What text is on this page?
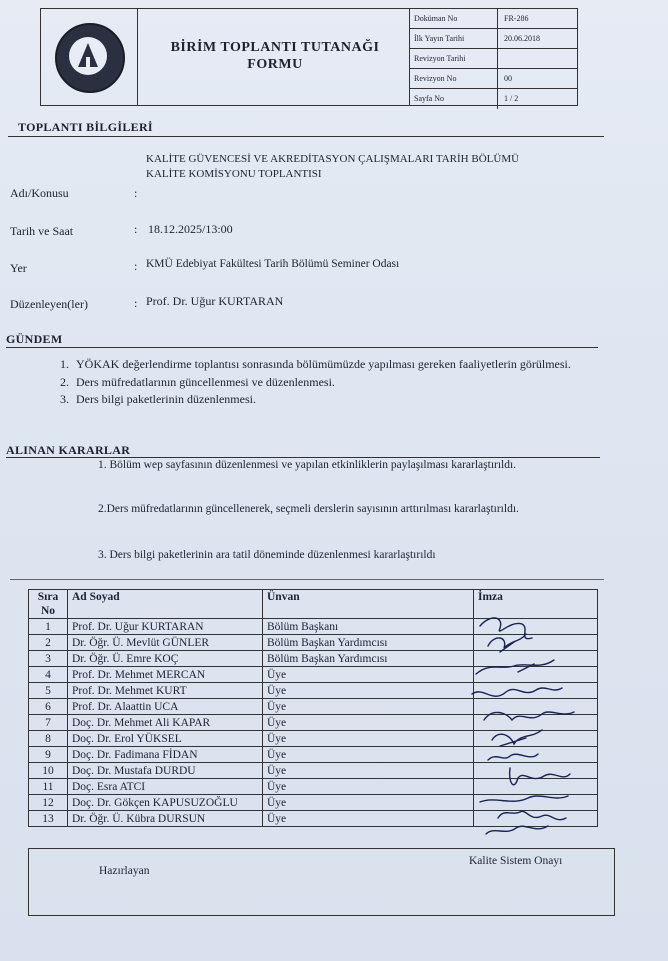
BİRİM TOPLANTI TUTANAĞI
FORMU
Doküman No	FR-286
İlk Yayın Tarihi	20.06.2018
Revizyon Tarihi
Revizyon No	00
Sayfa No	1 / 2
TOPLANTI BİLGİLERİ
KALİTE GÜVENCESİ VE AKREDİTASYON ÇALIŞMALARI TARİH BÖLÜMÜ
KALİTE KOMİSYONU TOPLANTISI
Adı/Konusu	:
Tarih ve Saat	: 18.12.2025/13:00
Yer	: KMÜ Edebiyat Fakültesi Tarih Bölümü Seminer Odası
Düzenleyen(ler)	: Prof. Dr. Uğur KURTARAN
GÜNDEM
1. YÖKAK değerlendirme toplantısı sonrasında bölümümüzde yapılması gereken faaliyetlerin görülmesi.
2. Ders müfredatlarının güncellenmesi ve düzenlenmesi.
3. Ders bilgi paketlerinin düzenlenmesi.
ALINAN KARARLAR
1. Bölüm wep sayfasının düzenlenmesi ve yapılan etkinliklerin paylaşılması kararlaştırıldı.
2.Ders müfredatlarının güncellenerek, seçmeli derslerin sayısının arttırılması kararlaştırıldı.
3. Ders bilgi paketlerinin ara tatil döneminde düzenlenmesi kararlaştırıldı
Sıra No	Ad Soyad	Ünvan	İmza
1	Prof. Dr. Uğur KURTARAN	Bölüm Başkanı	
2	Dr. Öğr. Ü. Mevlüt GÜNLER	Bölüm Başkan Yardımcısı	
3	Dr. Öğr. Ü. Emre KOÇ	Bölüm Başkan Yardımcısı	
4	Prof. Dr. Mehmet MERCAN	Üye	
5	Prof. Dr. Mehmet KURT	Üye	
6	Prof. Dr. Alaattin UCA	Üye	
7	Doç. Dr. Mehmet Ali KAPAR	Üye	
8	Doç. Dr. Erol YÜKSEL	Üye	
9	Doç. Dr. Fadimana FİDAN	Üye	
10	Doç. Dr. Mustafa DURDU	Üye	
11	Doç. Esra ATCI	Üye	
12	Doç. Dr. Gökçen KAPUSUZOĞLU	Üye	
13	Dr. Öğr. Ü. Kübra DURSUN	Üye	
Hazırlayan
Kalite Sistem Onayı
